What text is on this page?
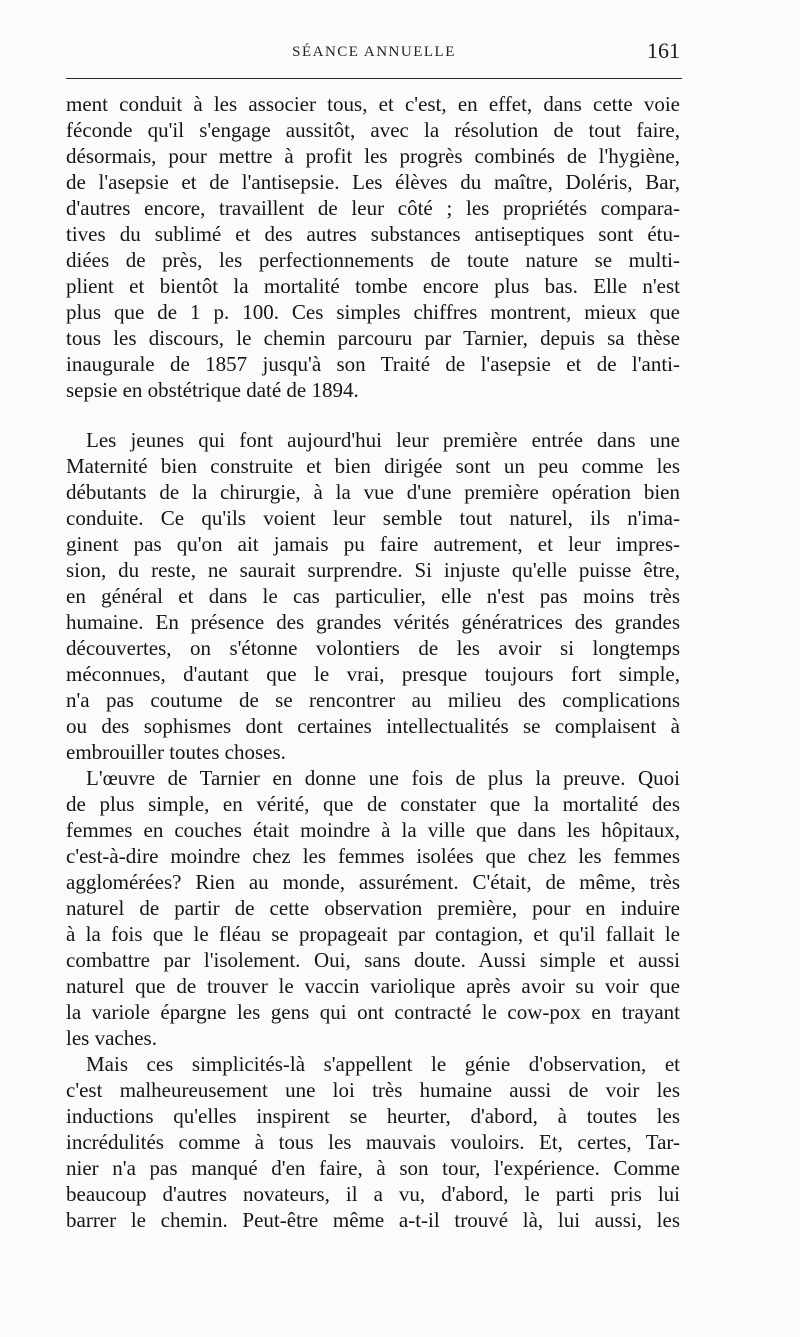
SÉANCE ANNUELLE	161
ment conduit à les associer tous, et c'est, en effet, dans cette voie
féconde qu'il s'engage aussitôt, avec la résolution de tout faire,
désormais, pour mettre à profit les progrès combinés de l'hygiène,
de l'asepsie et de l'antisepsie. Les élèves du maître, Doléris, Bar,
d'autres encore, travaillent de leur côté ; les propriétés compara-
tives du sublimé et des autres substances antiseptiques sont étu-
diées de près, les perfectionnements de toute nature se multi-
plient et bientôt la mortalité tombe encore plus bas. Elle n'est
plus que de 1 p. 100. Ces simples chiffres montrent, mieux que
tous les discours, le chemin parcouru par Tarnier, depuis sa thèse
inaugurale de 1857 jusqu'à son Traité de l'asepsie et de l'anti-
sepsie en obstétrique daté de 1894.
Les jeunes qui font aujourd'hui leur première entrée dans une
Maternité bien construite et bien dirigée sont un peu comme les
débutants de la chirurgie, à la vue d'une première opération bien
conduite. Ce qu'ils voient leur semble tout naturel, ils n'ima-
ginent pas qu'on ait jamais pu faire autrement, et leur impres-
sion, du reste, ne saurait surprendre. Si injuste qu'elle puisse être,
en général et dans le cas particulier, elle n'est pas moins très
humaine. En présence des grandes vérités génératrices des grandes
découvertes, on s'étonne volontiers de les avoir si longtemps
méconnues, d'autant que le vrai, presque toujours fort simple,
n'a pas coutume de se rencontrer au milieu des complications
ou des sophismes dont certaines intellectualités se complaisent à
embrouiller toutes choses.
L'œuvre de Tarnier en donne une fois de plus la preuve. Quoi
de plus simple, en vérité, que de constater que la mortalité des
femmes en couches était moindre à la ville que dans les hôpitaux,
c'est-à-dire moindre chez les femmes isolées que chez les femmes
agglomérées? Rien au monde, assurément. C'était, de même, très
naturel de partir de cette observation première, pour en induire
à la fois que le fléau se propageait par contagion, et qu'il fallait le
combattre par l'isolement. Oui, sans doute. Aussi simple et aussi
naturel que de trouver le vaccin variolique après avoir su voir que
la variole épargne les gens qui ont contracté le cow-pox en trayant
les vaches.
Mais ces simplicités-là s'appellent le génie d'observation, et
c'est malheureusement une loi très humaine aussi de voir les
inductions qu'elles inspirent se heurter, d'abord, à toutes les
incrédulités comme à tous les mauvais vouloirs. Et, certes, Tar-
nier n'a pas manqué d'en faire, à son tour, l'expérience. Comme
beaucoup d'autres novateurs, il a vu, d'abord, le parti pris lui
barrer le chemin. Peut-être même a-t-il trouvé là, lui aussi, les
